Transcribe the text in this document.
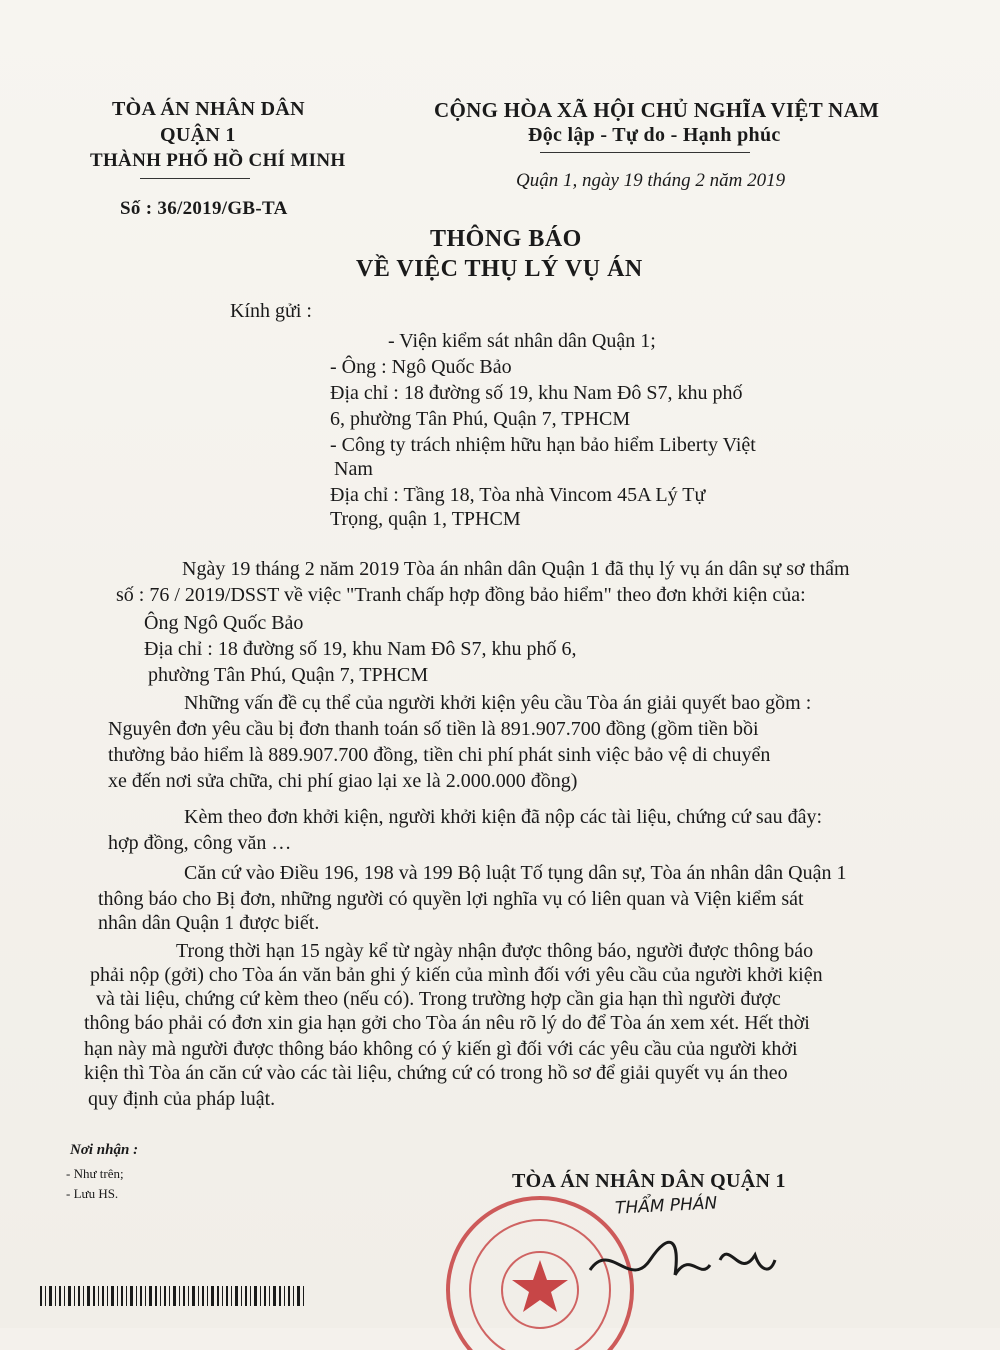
TÒA ÁN NHÂN DÂN
QUẬN 1
THÀNH PHỐ HỒ CHÍ MINH
Số : 36/2019/GB-TA
CỘNG HÒA XÃ HỘI CHỦ NGHĨA VIỆT NAM
Độc lập - Tự do - Hạnh phúc
Quận 1, ngày 19 tháng 2 năm 2019
THÔNG BÁO
VỀ VIỆC THỤ LÝ VỤ ÁN
Kính gửi :
- Viện kiểm sát nhân dân Quận 1;
- Ông : Ngô Quốc Bảo
Địa chỉ : 18 đường số 19, khu Nam Đô S7, khu phố
6, phường Tân Phú, Quận 7, TPHCM
- Công ty trách nhiệm hữu hạn bảo hiểm Liberty Việt
Nam
Địa chỉ : Tầng 18, Tòa nhà Vincom 45A Lý Tự
Trọng, quận 1, TPHCM
Ngày 19 tháng 2 năm 2019 Tòa án nhân dân Quận 1 đã thụ lý vụ án dân sự sơ thẩm
số : 76 / 2019/DSST về việc "Tranh chấp hợp đồng bảo hiểm" theo đơn khởi kiện của:
Ông Ngô Quốc Bảo
Địa chỉ : 18 đường số 19, khu Nam Đô S7, khu phố 6,
phường Tân Phú, Quận 7, TPHCM
Những vấn đề cụ thể của người khởi kiện yêu cầu Tòa án giải quyết bao gồm :
Nguyên đơn yêu cầu bị đơn thanh toán số tiền là 891.907.700 đồng (gồm tiền bồi
thường bảo hiểm là 889.907.700 đồng, tiền chi phí phát sinh việc bảo vệ di chuyển
xe đến nơi sửa chữa, chi phí giao lại xe là 2.000.000 đồng)
Kèm theo đơn khởi kiện, người khởi kiện đã nộp các tài liệu, chứng cứ sau đây:
hợp đồng, công văn …
Căn cứ vào Điều 196, 198 và 199 Bộ luật Tố tụng dân sự, Tòa án nhân dân Quận 1
thông báo cho Bị đơn, những người có quyền lợi nghĩa vụ có liên quan và Viện kiểm sát
nhân dân Quận 1 được biết.
Trong thời hạn 15 ngày kể từ ngày nhận được thông báo, người được thông báo
phải nộp (gởi) cho Tòa án văn bản ghi ý kiến của mình đối với yêu cầu của người khởi kiện
và tài liệu, chứng cứ kèm theo (nếu có). Trong trường hợp cần gia hạn thì người được
thông báo phải có đơn xin gia hạn gởi cho Tòa án nêu rõ lý do để Tòa án xem xét. Hết thời
hạn này mà người được thông báo không có ý kiến gì đối với các yêu cầu của người khởi
kiện thì Tòa án căn cứ vào các tài liệu, chứng cứ có trong hồ sơ để giải quyết vụ án theo
quy định của pháp luật.
Nơi nhận :
- Như trên;
- Lưu HS.
TÒA ÁN NHÂN DÂN QUẬN 1
THẨM PHÁN
